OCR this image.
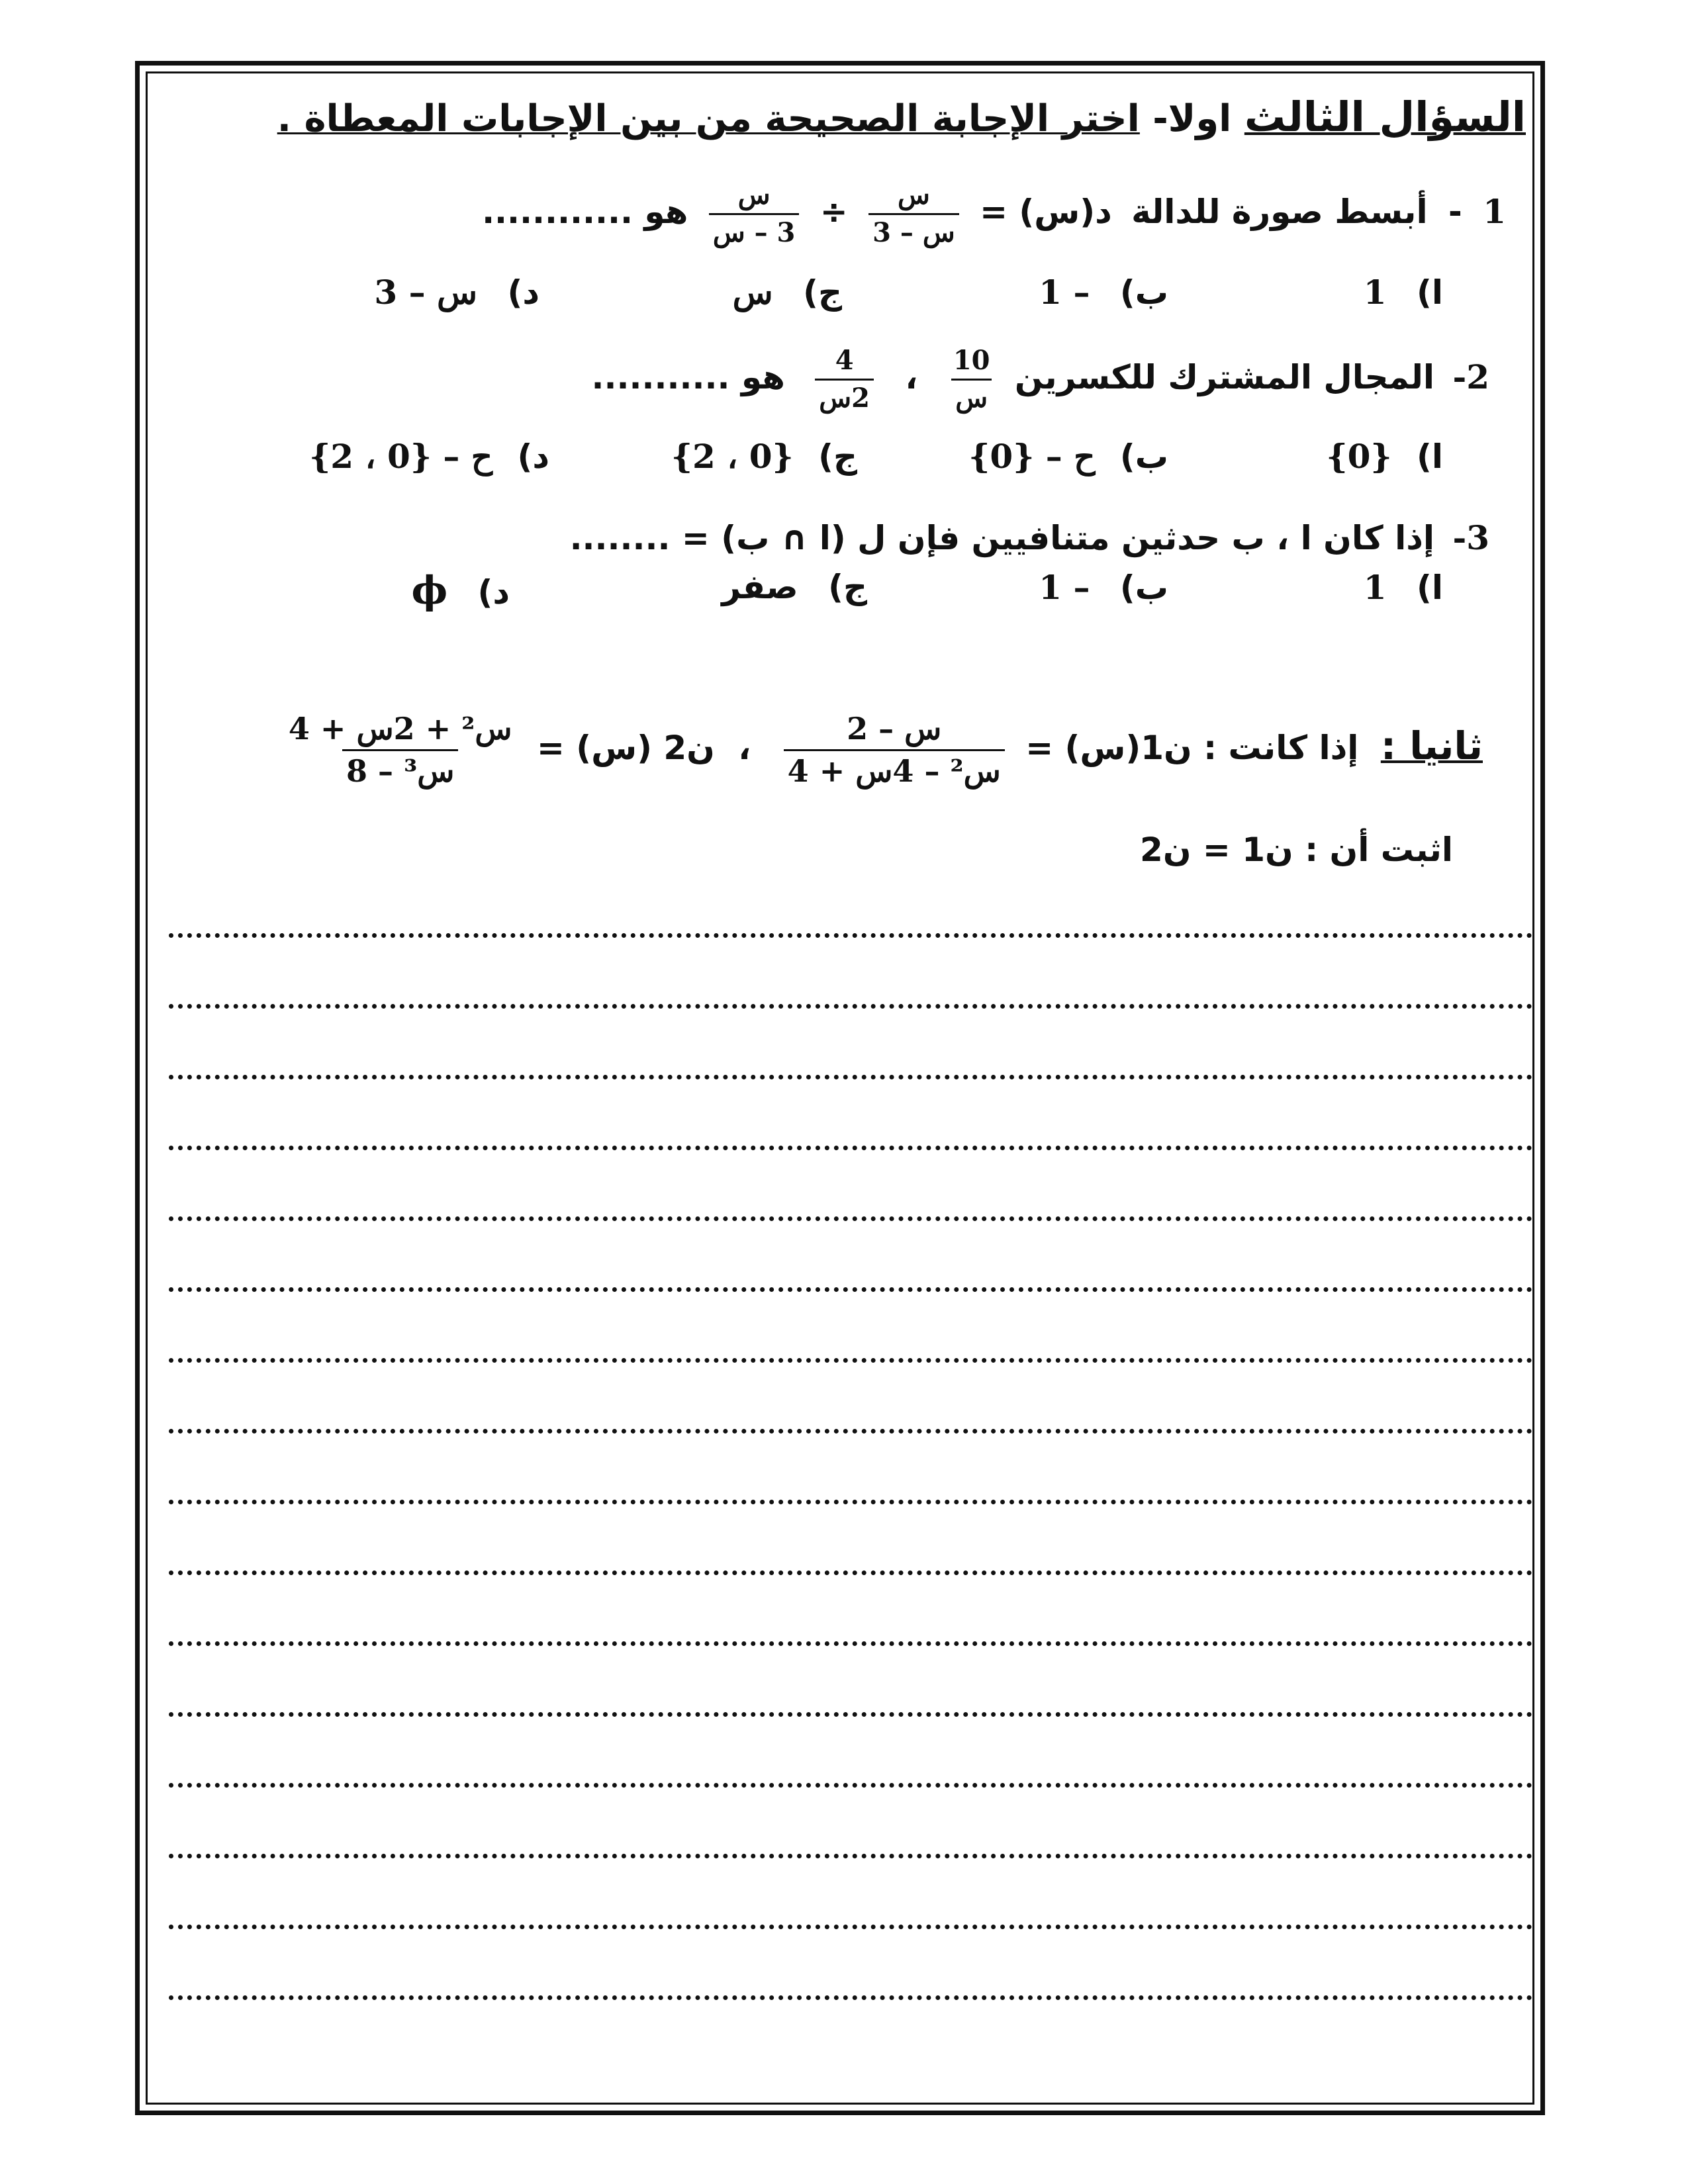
السؤال الثالث اولا- اختر الإجابة الصحيحة من بين الإجابات المعطاة .
1 - أبسط صورة للدالة د(س) =
$\frac{\text{س}}{\text{س – 3}}$
÷
$\frac{\text{س}}{\text{3 – س}}$
هو ............
ا) 1
ب) – 1
ج) س
د) س – 3
2- المجال المشترك للكسرين
$\frac{10}{\text{س}}$
،
$\frac{4}{\text{2س}}$
هو ...........
ا) {0}
ب) ح – {0}
ج) {0 ، 2}
د) ح – {0 ، 2}
3- إذا كان ا ، ب حدثين متنافيين فإن ل (ا ∩ ب) = ........
ا) 1
ب) – 1
ج) صفر
د) ϕ
ثانيا : إذا كانت : ن1(س) =
$\frac{\text{س – 2}}{\text{س² – 4س + 4}}$
، ن2 (س) =
$\frac{\text{س² + 2س + 4}}{\text{س³ – 8}}$
اثبت أن : ن1 = ن2
